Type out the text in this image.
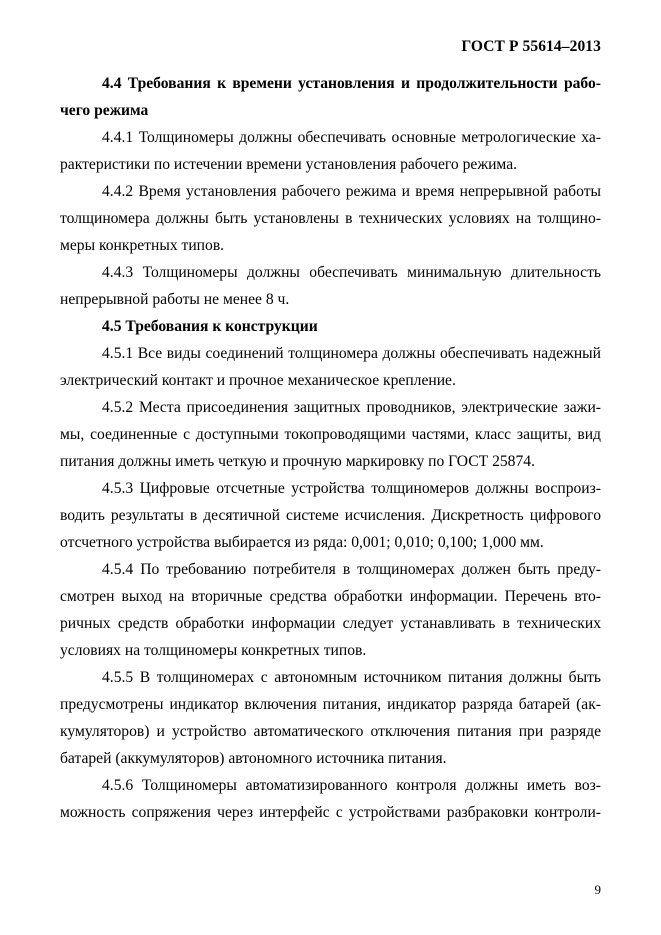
ГОСТ Р 55614–2013
4.4 Требования к времени установления и продолжительности рабо-
чего режима
4.4.1 Толщиномеры должны обеспечивать основные метрологические ха-
рактеристики по истечении времени установления рабочего режима.
4.4.2 Время установления рабочего режима и время непрерывной работы
толщиномера должны быть установлены в технических условиях на толщино-
меры конкретных типов.
4.4.3 Толщиномеры должны обеспечивать минимальную длительность
непрерывной работы не менее 8 ч.
4.5 Требования к конструкции
4.5.1 Все виды соединений толщиномера должны обеспечивать надежный
электрический контакт и прочное механическое крепление.
4.5.2 Места присоединения защитных проводников, электрические зажи-
мы, соединенные с доступными токопроводящими частями, класс защиты, вид
питания должны иметь четкую и прочную маркировку по ГОСТ 25874.
4.5.3 Цифровые отсчетные устройства толщиномеров должны воспроиз-
водить результаты в десятичной системе исчисления. Дискретность цифрового
отсчетного устройства выбирается из ряда: 0,001; 0,010; 0,100; 1,000 мм.
4.5.4 По требованию потребителя в толщиномерах должен быть преду-
смотрен выход на вторичные средства обработки информации. Перечень вто-
ричных средств обработки информации следует устанавливать в технических
условиях на толщиномеры конкретных типов.
4.5.5 В толщиномерах с автономным источником питания должны быть
предусмотрены индикатор включения питания, индикатор разряда батарей (ак-
кумуляторов) и устройство автоматического отключения питания при разряде
батарей (аккумуляторов) автономного источника питания.
4.5.6 Толщиномеры автоматизированного контроля должны иметь воз-
можность сопряжения через интерфейс с устройствами разбраковки контроли-
9
